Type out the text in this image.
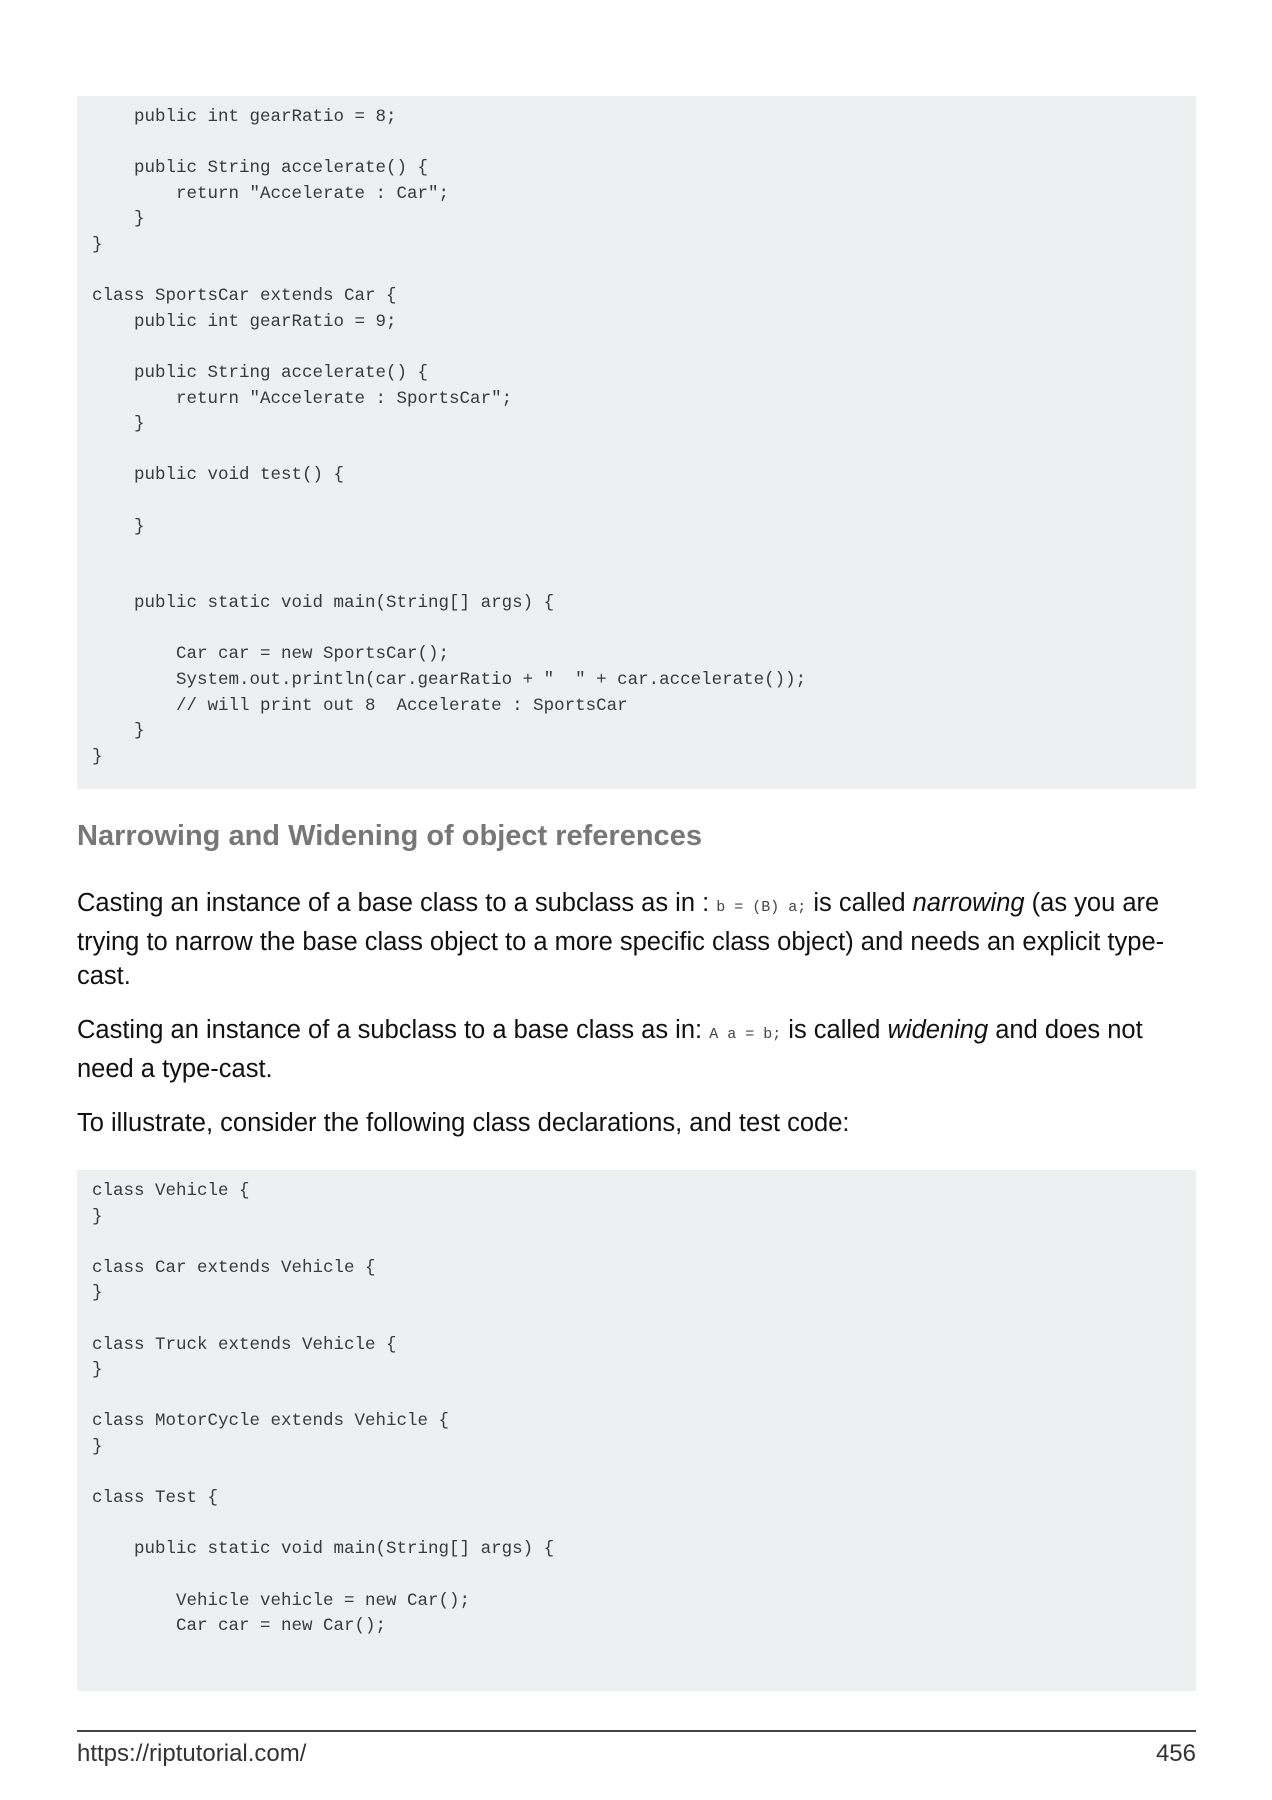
public int gearRatio = 8;
public String accelerate() {
return "Accelerate : Car";
}
}
class SportsCar extends Car {
public int gearRatio = 9;
public String accelerate() {
return "Accelerate : SportsCar";
}
public void test() {
}
public static void main(String[] args) {
Car car = new SportsCar();
System.out.println(car.gearRatio + "  " + car.accelerate());
// will print out 8  Accelerate : SportsCar
}
}
Narrowing and Widening of object references

Casting an instance of a base class to a subclass as in : b = (B) a; is called narrowing (as you are trying to narrow the base class object to a more specific class object) and needs an explicit type-cast.

Casting an instance of a subclass to a base class as in: A a = b; is called widening and does not need a type-cast.

To illustrate, consider the following class declarations, and test code:

class Vehicle {
}
class Car extends Vehicle {
}
class Truck extends Vehicle {
}
class MotorCycle extends Vehicle {
}
class Test {
public static void main(String[] args) {
Vehicle vehicle = new Car();
Car car = new Car();
https://riptutorial.com/	456
